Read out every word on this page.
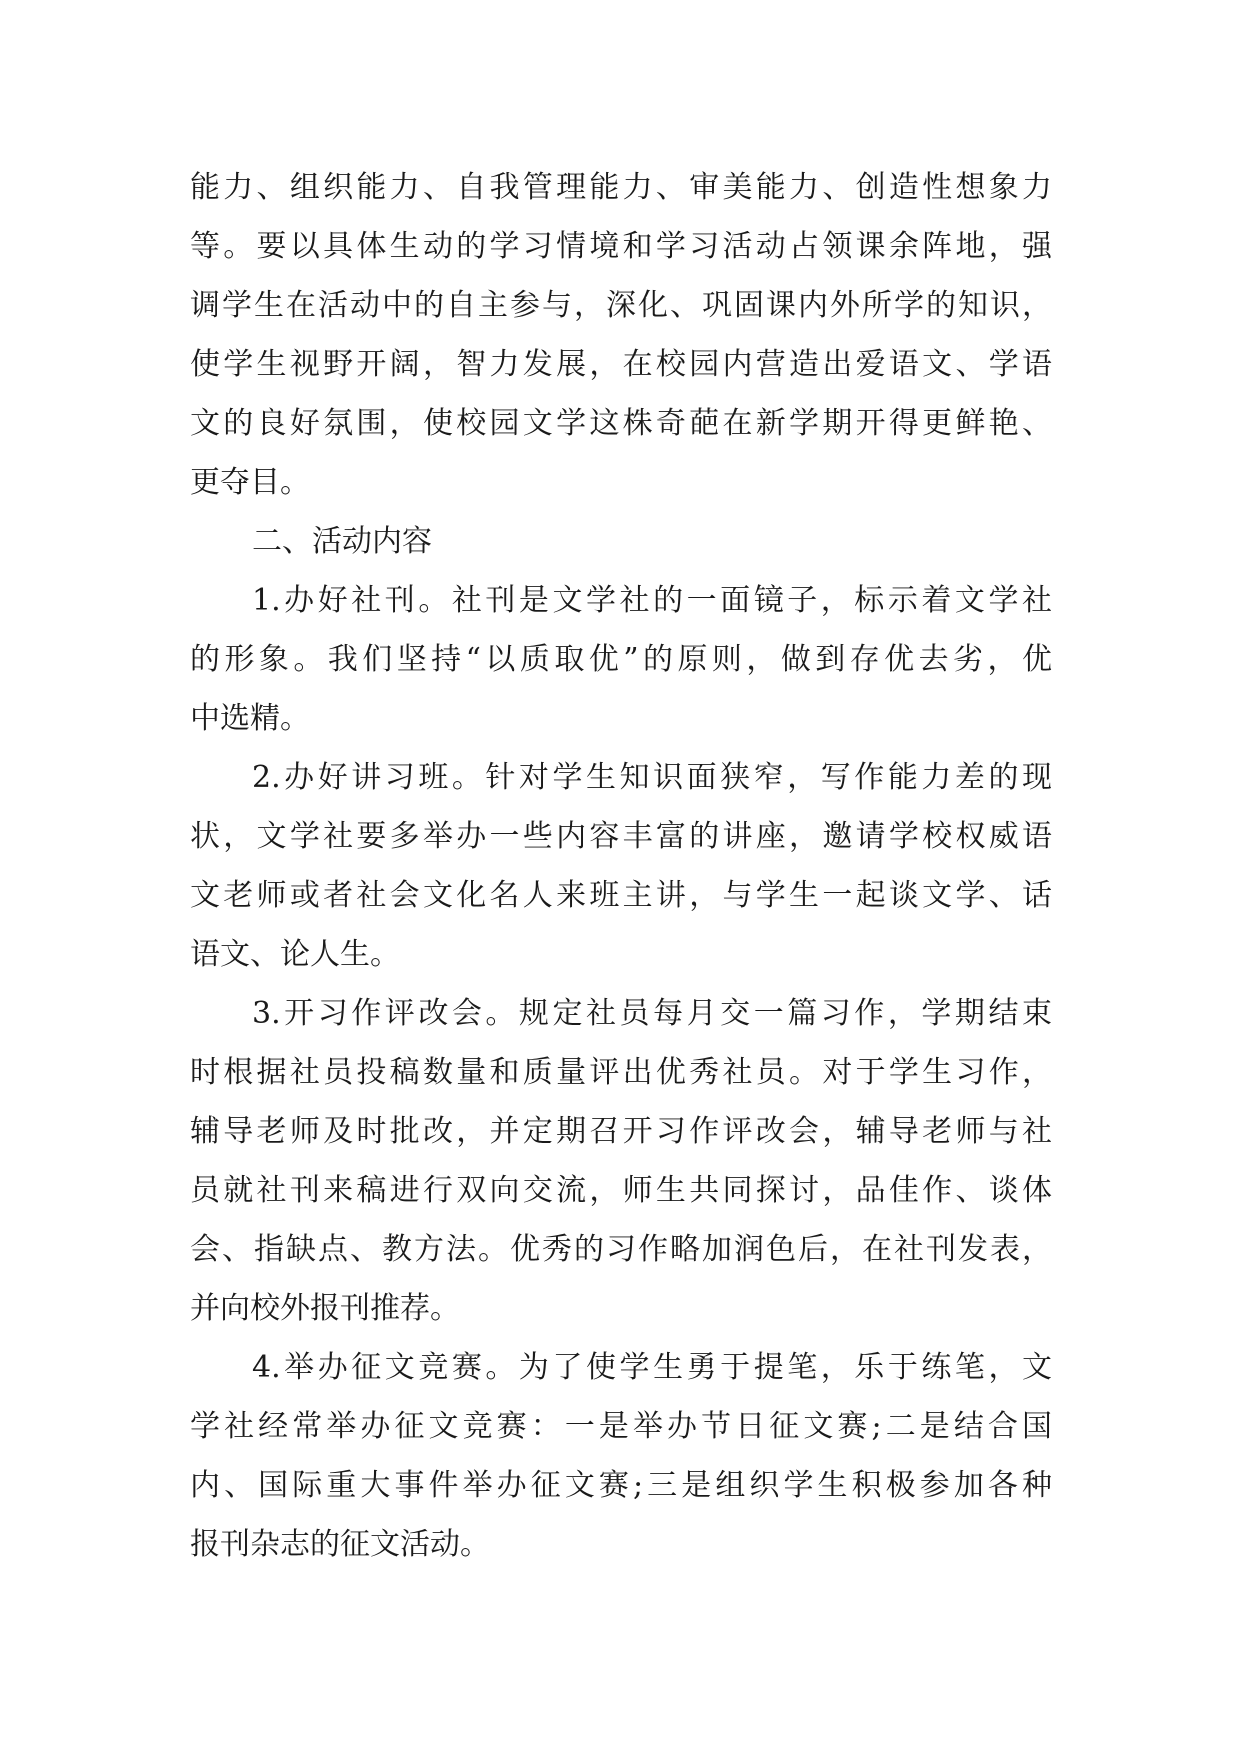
能力、组织能力、自我管理能力、审美能力、创造性想象力
等。要以具体生动的学习情境和学习活动占领课余阵地，强
调学生在活动中的自主参与，深化、巩固课内外所学的知识，
使学生视野开阔，智力发展，在校园内营造出爱语文、学语
文的良好氛围，使校园文学这株奇葩在新学期开得更鲜艳、
更夺目。
二、活动内容
1.办好社刊。社刊是文学社的一面镜子，标示着文学社
的形象。我们坚持“以质取优”的原则，做到存优去劣，优
中选精。
2.办好讲习班。针对学生知识面狭窄，写作能力差的现
状，文学社要多举办一些内容丰富的讲座，邀请学校权威语
文老师或者社会文化名人来班主讲，与学生一起谈文学、话
语文、论人生。
3.开习作评改会。规定社员每月交一篇习作，学期结束
时根据社员投稿数量和质量评出优秀社员。对于学生习作，
辅导老师及时批改，并定期召开习作评改会，辅导老师与社
员就社刊来稿进行双向交流，师生共同探讨，品佳作、谈体
会、指缺点、教方法。优秀的习作略加润色后，在社刊发表，
并向校外报刊推荐。
4.举办征文竞赛。为了使学生勇于提笔，乐于练笔，文
学社经常举办征文竞赛：一是举办节日征文赛;二是结合国
内、国际重大事件举办征文赛;三是组织学生积极参加各种
报刊杂志的征文活动。
